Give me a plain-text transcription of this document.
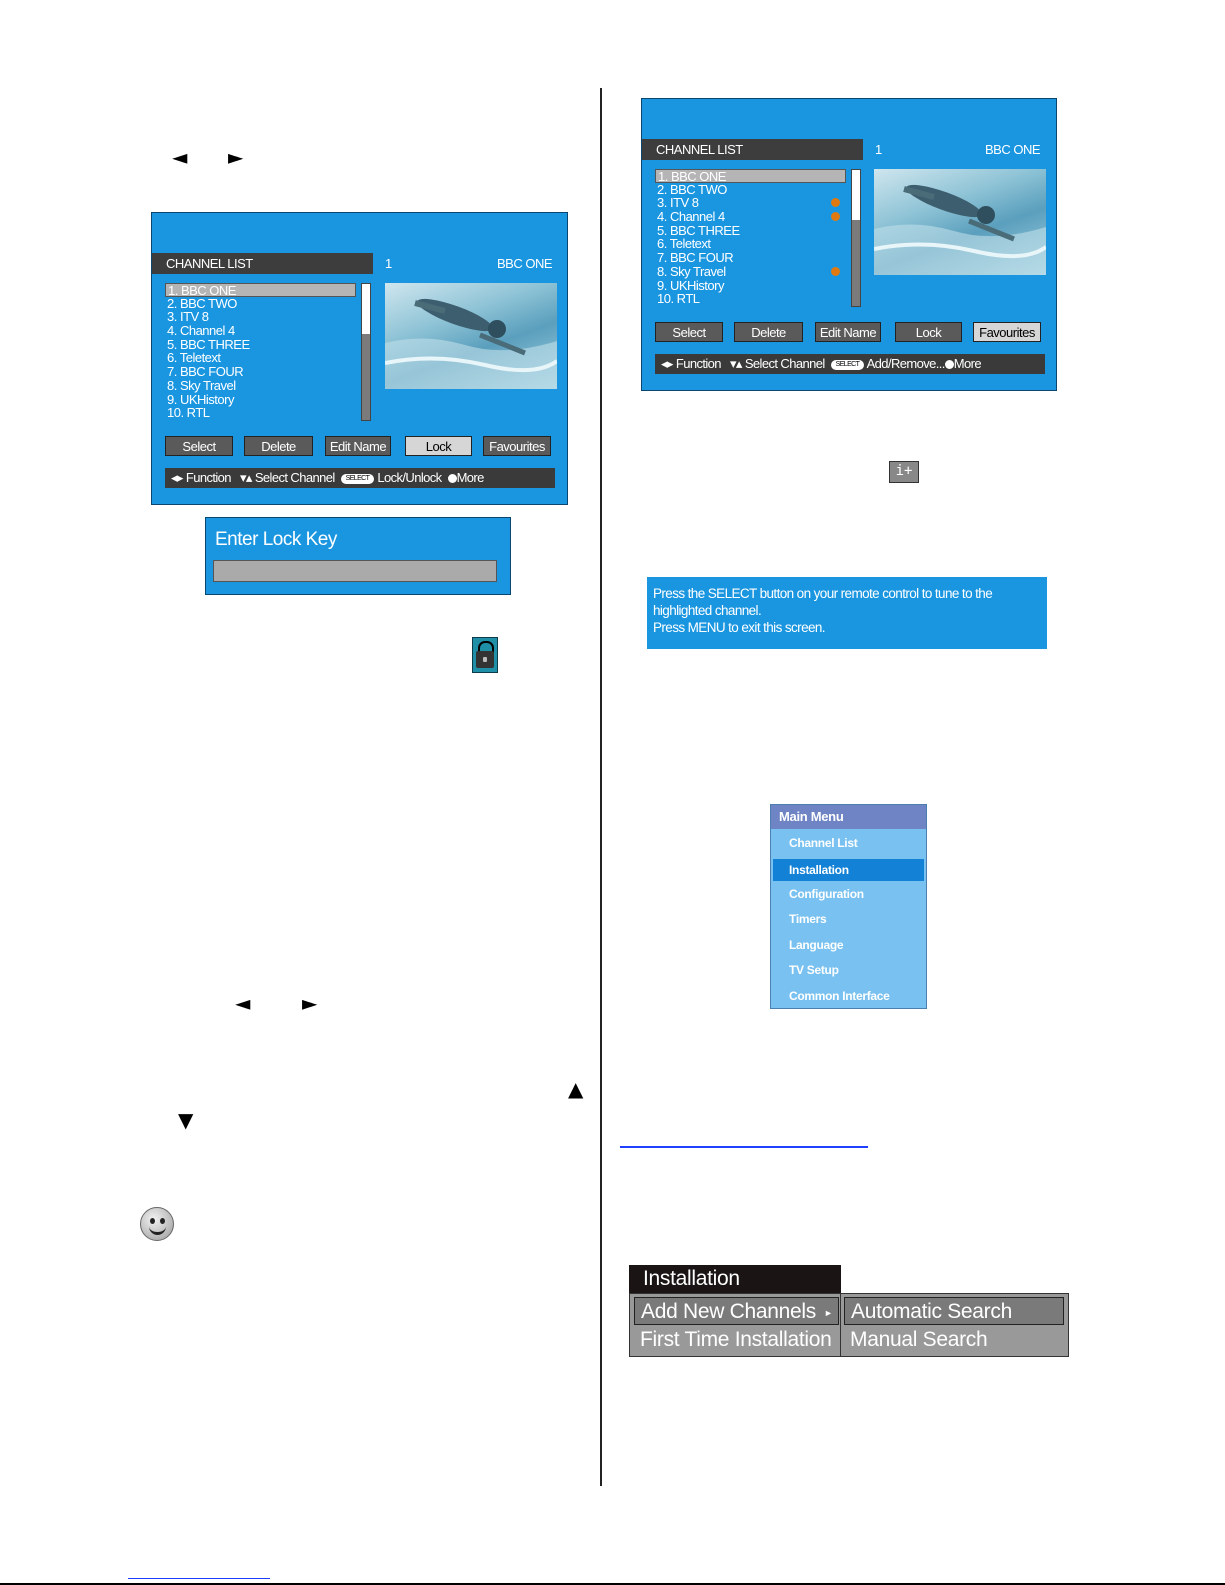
◄ ►
CHANNEL LIST	1	BBC ONE
1. BBC ONE
2. BBC TWO
3. ITV 8
4. Channel 4
5. BBC THREE
6. Teletext
7. BBC FOUR
8. Sky Travel
9. UKHistory
10. RTL
Select	Delete	Edit Name	Lock	Favourites
◂▸ Function ▾▴ Select Channel SELECT Lock/Unlock More
Enter Lock Key
◄	►
▲
▼
CHANNEL LIST	1	BBC ONE
1. BBC ONE
2. BBC TWO
3. ITV 8
4. Channel 4
5. BBC THREE
6. Teletext
7. BBC FOUR
8. Sky Travel
9. UKHistory
10. RTL
Select	Delete	Edit Name	Lock	Favourites
◂▸ Function ▾▴ Select Channel SELECT Add/Remove... More
i+
Press the SELECT button on your remote control to tune to the
highlighted channel.
Press MENU to exit this screen.
Main Menu
Channel List
Installation
Configuration
Timers
Language
TV Setup
Common Interface
Installation
Add New Channels ►
First Time Installation
Automatic Search
Manual Search
